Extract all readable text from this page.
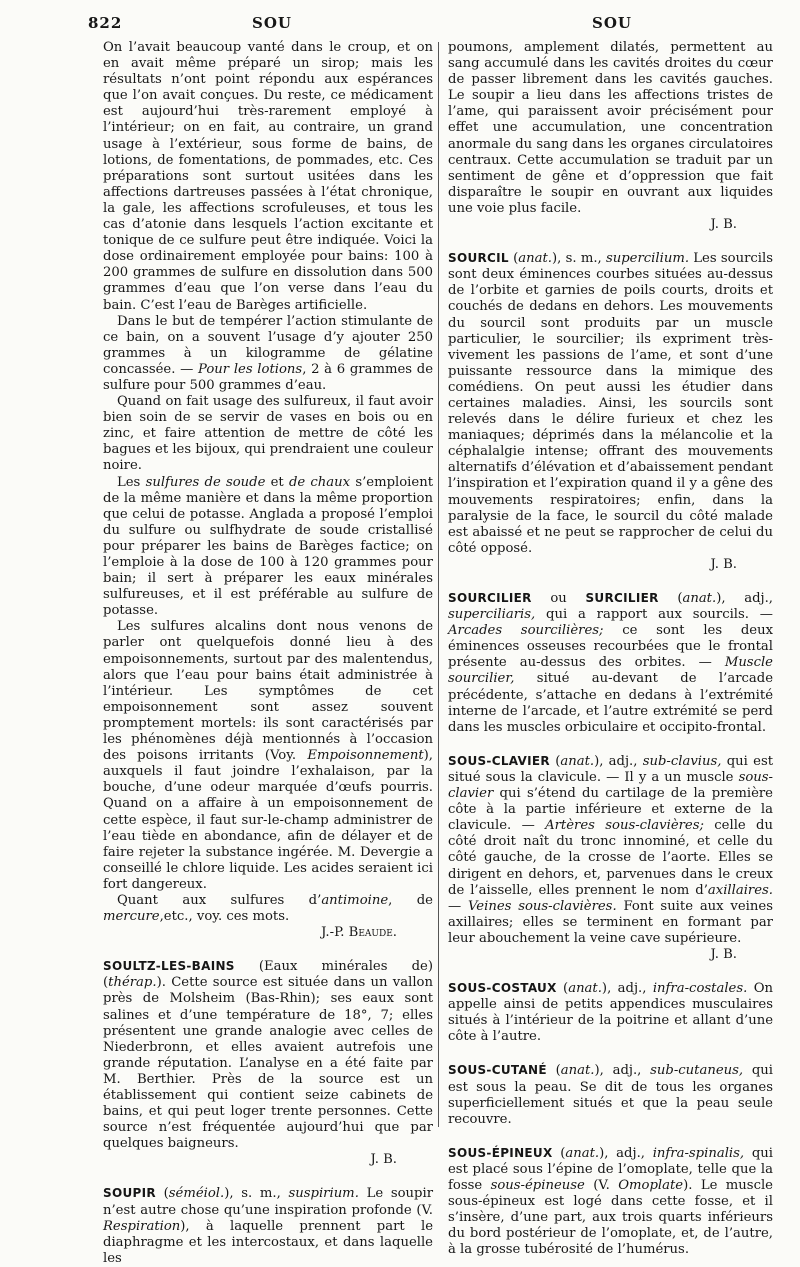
822	SOU	SOU

On l’avait beaucoup vanté dans le croup, et on en avait même préparé un sirop; mais les résultats n’ont point répondu aux espérances que l’on avait conçues. Du reste, ce médicament est aujourd’hui très-rarement employé à l’intérieur; on en fait, au contraire, un grand usage à l’extérieur, sous forme de bains, de lotions, de fomentations, de pommades, etc. Ces préparations sont surtout usitées dans les affections dartreuses passées à l’état chronique, la gale, les affections scrofuleuses, et tous les cas d’atonie dans lesquels l’action excitante et tonique de ce sulfure peut être indiquée. Voici la dose ordinairement employée pour bains: 100 à 200 grammes de sulfure en dissolution dans 500 grammes d’eau que l’on verse dans l’eau du bain. C’est l’eau de Barèges artificielle.

Dans le but de tempérer l’action stimulante de ce bain, on a souvent l’usage d’y ajouter 250 grammes à un kilogramme de gélatine concassée. — Pour les lotions, 2 à 6 grammes de sulfure pour 500 grammes d’eau.

Quand on fait usage des sulfureux, il faut avoir bien soin de se servir de vases en bois ou en zinc, et faire attention de mettre de côté les bagues et les bijoux, qui prendraient une couleur noire.

Les sulfures de soude et de chaux s’emploient de la même manière et dans la même proportion que celui de potasse. Anglada a proposé l’emploi du sulfure ou sulfhydrate de soude cristallisé pour préparer les bains de Barèges factice; on l’emploie à la dose de 100 à 120 grammes pour bain; il sert à préparer les eaux minérales sulfureuses, et il est préférable au sulfure de potasse.

Les sulfures alcalins dont nous venons de parler ont quelquefois donné lieu à des empoisonnements, surtout par des malentendus, alors que l’eau pour bains était administrée à l’intérieur. Les symptômes de cet empoisonnement sont assez souvent promptement mortels: ils sont caractérisés par les phénomènes déjà mentionnés à l’occasion des poisons irritants (Voy. Empoisonnement), auxquels il faut joindre l’exhalaison, par la bouche, d’une odeur marquée d’œufs pourris. Quand on a affaire à un empoisonnement de cette espèce, il faut sur-le-champ administrer de l’eau tiède en abondance, afin de délayer et de faire rejeter la substance ingérée. M. Devergie a conseillé le chlore liquide. Les acides seraient ici fort dangereux.

Quant aux sulfures d’antimoine, de mercure,etc., voy. ces mots.

J.-P. Beaude.

SOULTZ-LES-BAINS (Eaux minérales de) (thérap.). Cette source est située dans un vallon près de Molsheim (Bas-Rhin); ses eaux sont salines et d’une température de 18°, 7; elles présentent une grande analogie avec celles de Niederbronn, et elles avaient autrefois une grande réputation. L’analyse en a été faite par M. Berthier. Près de la source est un établissement qui contient seize cabinets de bains, et qui peut loger trente personnes. Cette source n’est fréquentée aujourd’hui que par quelques baigneurs.

J. B.

SOUPIR (séméiol.), s. m., suspirium. Le soupir n’est autre chose qu’une inspiration profonde (V. Respiration), à laquelle prennent part le diaphragme et les intercostaux, et dans laquelle les

poumons, amplement dilatés, permettent au sang accumulé dans les cavités droites du cœur de passer librement dans les cavités gauches. Le soupir a lieu dans les affections tristes de l’ame, qui paraissent avoir précisément pour effet une accumulation, une concentration anormale du sang dans les organes circulatoires centraux. Cette accumulation se traduit par un sentiment de gêne et d’oppression que fait disparaître le soupir en ouvrant aux liquides une voie plus facile.

J. B.

SOURCIL (anat.), s. m., supercilium. Les sourcils sont deux éminences courbes situées au-dessus de l’orbite et garnies de poils courts, droits et couchés de dedans en dehors. Les mouvements du sourcil sont produits par un muscle particulier, le sourcilier; ils expriment très-vivement les passions de l’ame, et sont d’une puissante ressource dans la mimique des comédiens. On peut aussi les étudier dans certaines maladies. Ainsi, les sourcils sont relevés dans le délire furieux et chez les maniaques; déprimés dans la mélancolie et la céphalalgie intense; offrant des mouvements alternatifs d’élévation et d’abaissement pendant l’inspiration et l’expiration quand il y a gêne des mouvements respiratoires; enfin, dans la paralysie de la face, le sourcil du côté malade est abaissé et ne peut se rapprocher de celui du côté opposé.

J. B.

SOURCILIER ou SURCILIER (anat.), adj., superciliaris, qui a rapport aux sourcils. — Arcades sourcilières; ce sont les deux éminences osseuses recourbées que le frontal présente au-dessus des orbites. — Muscle sourcilier, situé au-devant de l’arcade précédente, s’attache en dedans à l’extrémité interne de l’arcade, et l’autre extrémité se perd dans les muscles orbiculaire et occipito-frontal.

SOUS-CLAVIER (anat.), adj., sub-clavius, qui est situé sous la clavicule. — Il y a un muscle sous-clavier qui s’étend du cartilage de la première côte à la partie inférieure et externe de la clavicule. — Artères sous-clavières; celle du côté droit naît du tronc innominé, et celle du côté gauche, de la crosse de l’aorte. Elles se dirigent en dehors, et, parvenues dans le creux de l’aisselle, elles prennent le nom d’axillaires. — Veines sous-clavières. Font suite aux veines axillaires; elles se terminent en formant par leur abouchement la veine cave supérieure.

J. B.

SOUS-COSTAUX (anat.), adj., infra-costales. On appelle ainsi de petits appendices musculaires situés à l’intérieur de la poitrine et allant d’une côte à l’autre.

SOUS-CUTANÉ (anat.), adj., sub-cutaneus, qui est sous la peau. Se dit de tous les organes superficiellement situés et que la peau seule recouvre.

SOUS-ÉPINEUX (anat.), adj., infra-spinalis, qui est placé sous l’épine de l’omoplate, telle que la fosse sous-épineuse (V. Omoplate). Le muscle sous-épineux est logé dans cette fosse, et il s’insère, d’une part, aux trois quarts inférieurs du bord postérieur de l’omoplate, et, de l’autre, à la grosse tubérosité de l’humérus.
